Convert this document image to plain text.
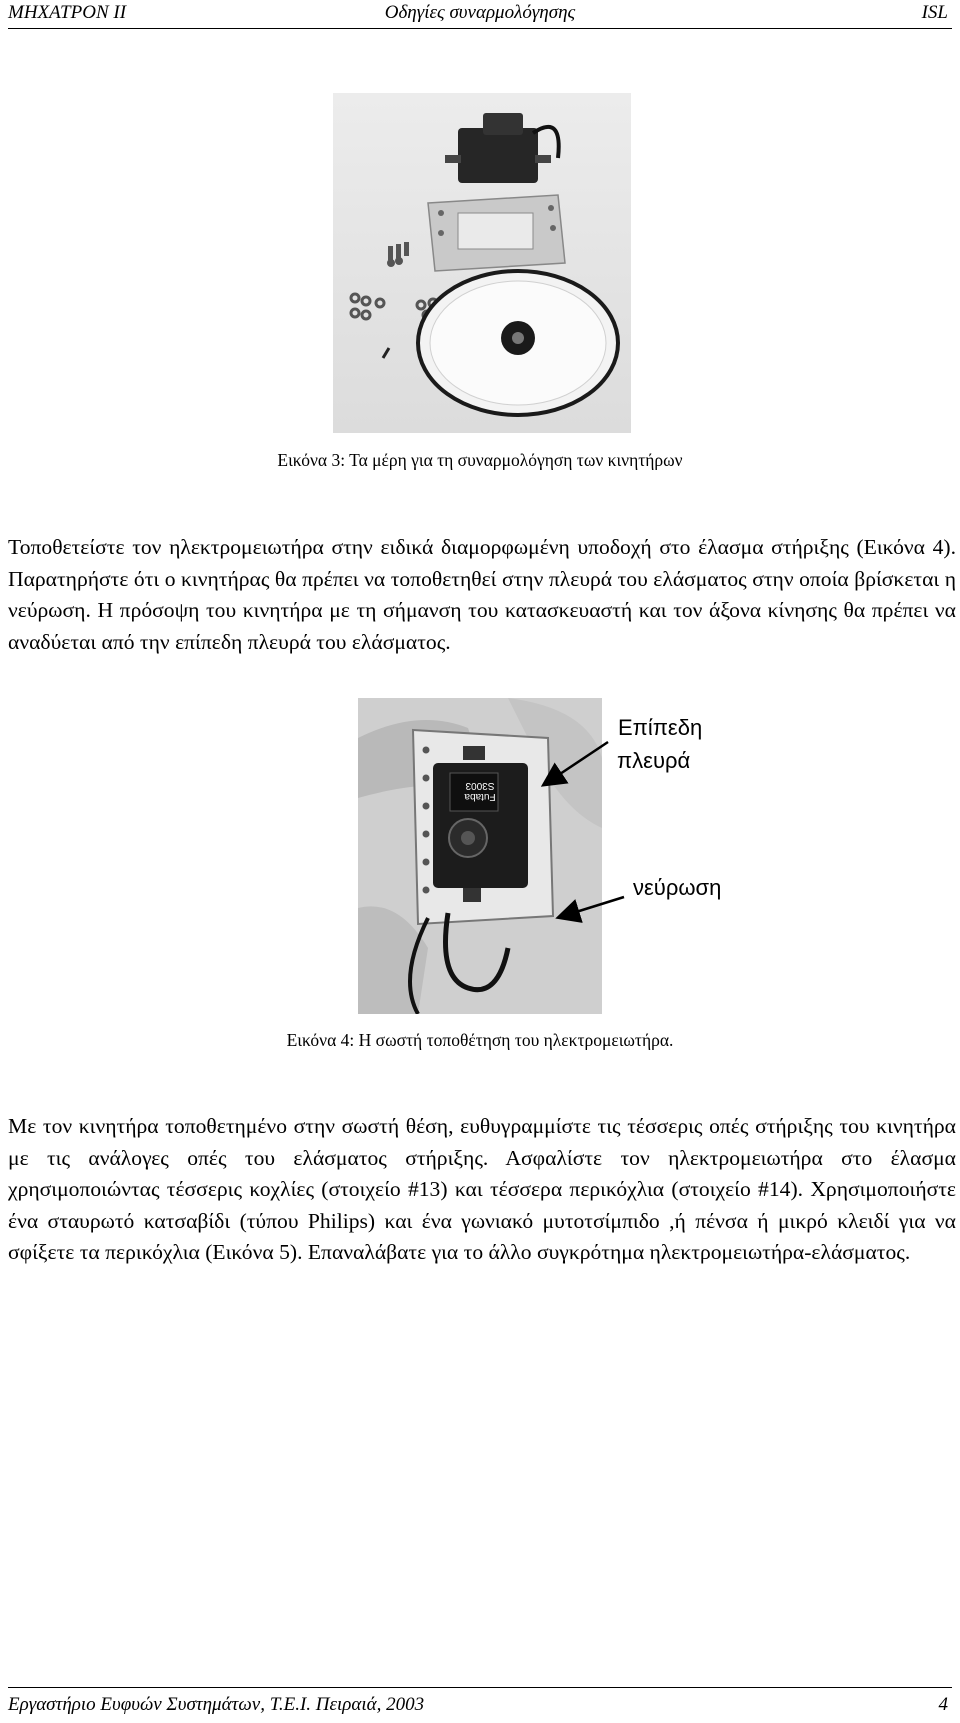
Οδηγίες συναρμολόγησης
ΜΗΧΑΤΡΟΝ ΙΙ	ISL
Εικόνα 3: Τα μέρη για τη συναρμολόγηση των κινητήρων

Τοποθετείστε τον ηλεκτρομειωτήρα στην ειδικά διαμορφωμένη υποδοχή στο έλασμα στήριξης (Εικόνα 4). Παρατηρήστε ότι ο κινητήρας θα πρέπει να τοποθετηθεί στην πλευρά του ελάσματος στην οποία βρίσκεται η νεύρωση. Η πρόσοψη του κινητήρα με τη σήμανση του κατασκευαστή και τον άξονα κίνησης θα πρέπει να αναδύεται από την επίπεδη πλευρά του ελάσματος.

Futaba
S3003
Επίπεδη
πλευρά
νεύρωση
Εικόνα 4: Η σωστή τοποθέτηση του ηλεκτρομειωτήρα.

Με τον κινητήρα τοποθετημένο στην σωστή θέση, ευθυγραμμίστε τις τέσσερις οπές στήριξης του κινητήρα με τις ανάλογες οπές του ελάσματος στήριξης. Ασφαλίστε τον ηλεκτρομειωτήρα στο έλασμα χρησιμοποιώντας τέσσερις κοχλίες (στοιχείο #13) και τέσσερα περικόχλια (στοιχείο #14). Χρησιμοποιήστε ένα σταυρωτό κατσαβίδι (τύπου Philips) και ένα γωνιακό μυτοτσίμπιδο ,ή πένσα ή μικρό κλειδί για να σφίξετε τα περικόχλια (Εικόνα 5). Επαναλάβατε για το άλλο συγκρότημα ηλεκτρομειωτήρα-ελάσματος.

Εργαστήριο Ευφυών Συστημάτων, Τ.Ε.Ι. Πειραιά, 2003	4
